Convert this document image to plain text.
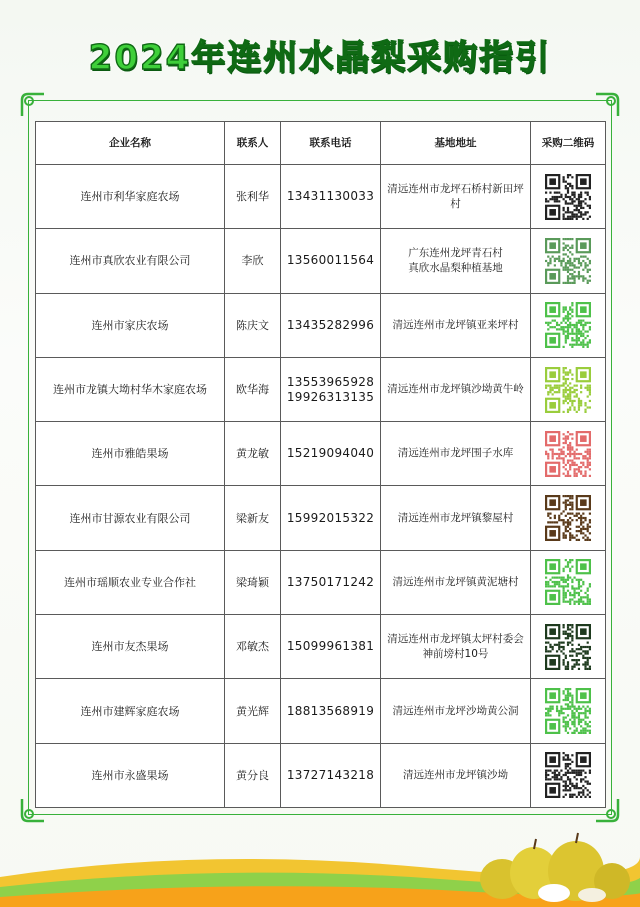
2024年连州水晶梨采购指引
企业名称	联系人	联系电话	基地地址	采购二维码
连州市利华家庭农场	张利华	13431130033	清远连州市龙坪石桥村新田坪村	

连州市真欣农业有限公司	李欣	13560011564	广东连州龙坪青石村
真欣水晶梨种植基地	

连州市家庆农场	陈庆文	13435282996	清远连州市龙坪镇亚来坪村	

连州市龙镇大坳村华木家庭农场	欧华海	13553965928
19926313135	清远连州市龙坪镇沙坳黄牛岭	

连州市雅皓果场	黄龙敏	15219094040	清远连州市龙坪围子水库	

连州市甘源农业有限公司	梁新友	15992015322	清远连州市龙坪镇黎屋村	

连州市瑶顺农业专业合作社	梁琦颖	13750171242	清远连州市龙坪镇黄泥塘村	

连州市友杰果场	邓敏杰	15099961381	清远连州市龙坪镇太坪村委会
神前塝村10号	

连州市建辉家庭农场	黄光辉	18813568919	清远连州市龙坪沙坳黄公洞	

连州市永盛果场	黄分良	13727143218	清远连州市龙坪镇沙坳	
